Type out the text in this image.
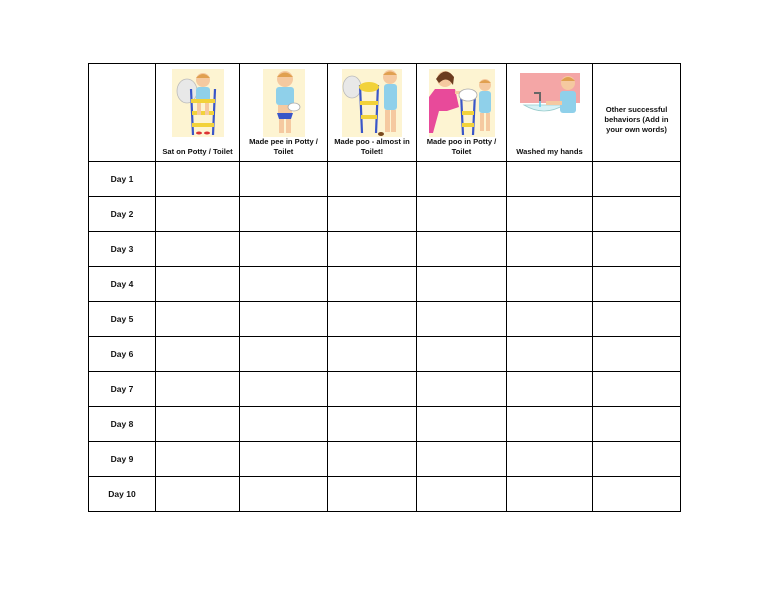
	Sat on Potty / Toilet	Made pee in Potty / Toilet	Made poo - almost in Toilet!	Made poo in Potty / Toilet	Washed my hands	Other successful behaviors (Add in your own words)

Day 1						
Day 2						
Day 3						
Day 4						
Day 5						
Day 6						
Day 7						
Day 8						
Day 9						
Day 10						
